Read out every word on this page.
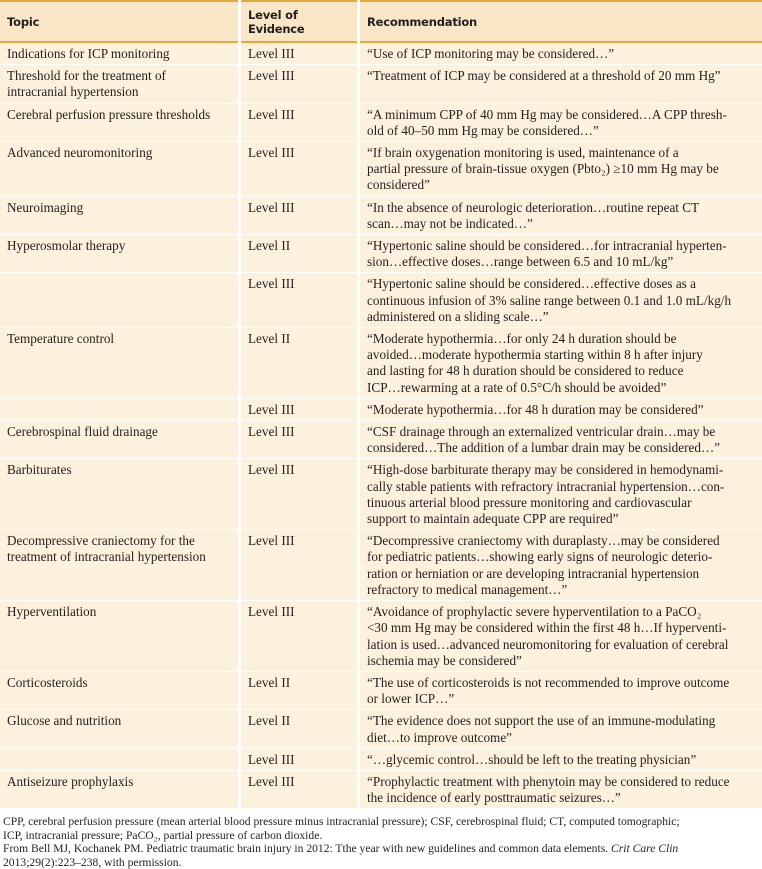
Topic	Level of Evidence	Recommendation

Indications for ICP monitoring	Level III	“Use of ICP monitoring may be considered…”

Threshold for the treatment of
intracranial hypertension
	Level III	“Treatment of ICP may be considered at a threshold of 20 mm Hg”

Cerebral perfusion pressure thresholds	Level III	“A minimum CPP of 40 mm Hg may be considered…A CPP thresh-
old of 40–50 mm Hg may be considered…”

Advanced neuromonitoring	Level III	“If brain oxygenation monitoring is used, maintenance of a
partial pressure of brain-tissue oxygen (Pbto₂) ≥10 mm Hg may be
considered”

Neuroimaging	Level III	“In the absence of neurologic deterioration…routine repeat CT
scan…may not be indicated…”

Hyperosmolar therapy	Level II	“Hypertonic saline should be considered…for intracranial hyperten-
sion…effective doses…range between 6.5 and 10 mL/kg”

	Level III	“Hypertonic saline should be considered…effective doses as a
continuous infusion of 3% saline range between 0.1 and 1.0 mL/kg/h
administered on a sliding scale…”

Temperature control	Level II	“Moderate hypothermia…for only 24 h duration should be
avoided…moderate hypothermia starting within 8 h after injury
and lasting for 48 h duration should be considered to reduce
ICP…rewarming at a rate of 0.5°C/h should be avoided”

	Level III	“Moderate hypothermia…for 48 h duration may be considered”

Cerebrospinal fluid drainage	Level III	“CSF drainage through an externalized ventricular drain…may be
considered…The addition of a lumbar drain may be considered…”

Barbiturates	Level III	“High-dose barbiturate therapy may be considered in hemodynami-
cally stable patients with refractory intracranial hypertension…con-
tinuous arterial blood pressure monitoring and cardiovascular
support to maintain adequate CPP are required”

Decompressive craniectomy for the
treatment of intracranial hypertension
	Level III	“Decompressive craniectomy with duraplasty…may be considered
for pediatric patients…showing early signs of neurologic deterio-
ration or herniation or are developing intracranial hypertension
refractory to medical management…”

Hyperventilation	Level III	“Avoidance of prophylactic severe hyperventilation to a PaCO₂
<30 mm Hg may be considered within the first 48 h…If hyperventi-
lation is used…advanced neuromonitoring for evaluation of cerebral
ischemia may be considered”

Corticosteroids	Level II	“The use of corticosteroids is not recommended to improve outcome
or lower ICP…”

Glucose and nutrition	Level II	“The evidence does not support the use of an immune-modulating
diet…to improve outcome”

	Level III	“…glycemic control…should be left to the treating physician”

Antiseizure prophylaxis	Level III	“Prophylactic treatment with phenytoin may be considered to reduce
the incidence of early posttraumatic seizures…”
CPP, cerebral perfusion pressure (mean arterial blood pressure minus intracranial pressure); CSF, cerebrospinal fluid; CT, computed tomographic;
ICP, intracranial pressure; PaCO₂, partial pressure of carbon dioxide.
From Bell MJ, Kochanek PM. Pediatric traumatic brain injury in 2012: Tthe year with new guidelines and common data elements. Crit Care Clin
2013;29(2):223–238, with permission.
